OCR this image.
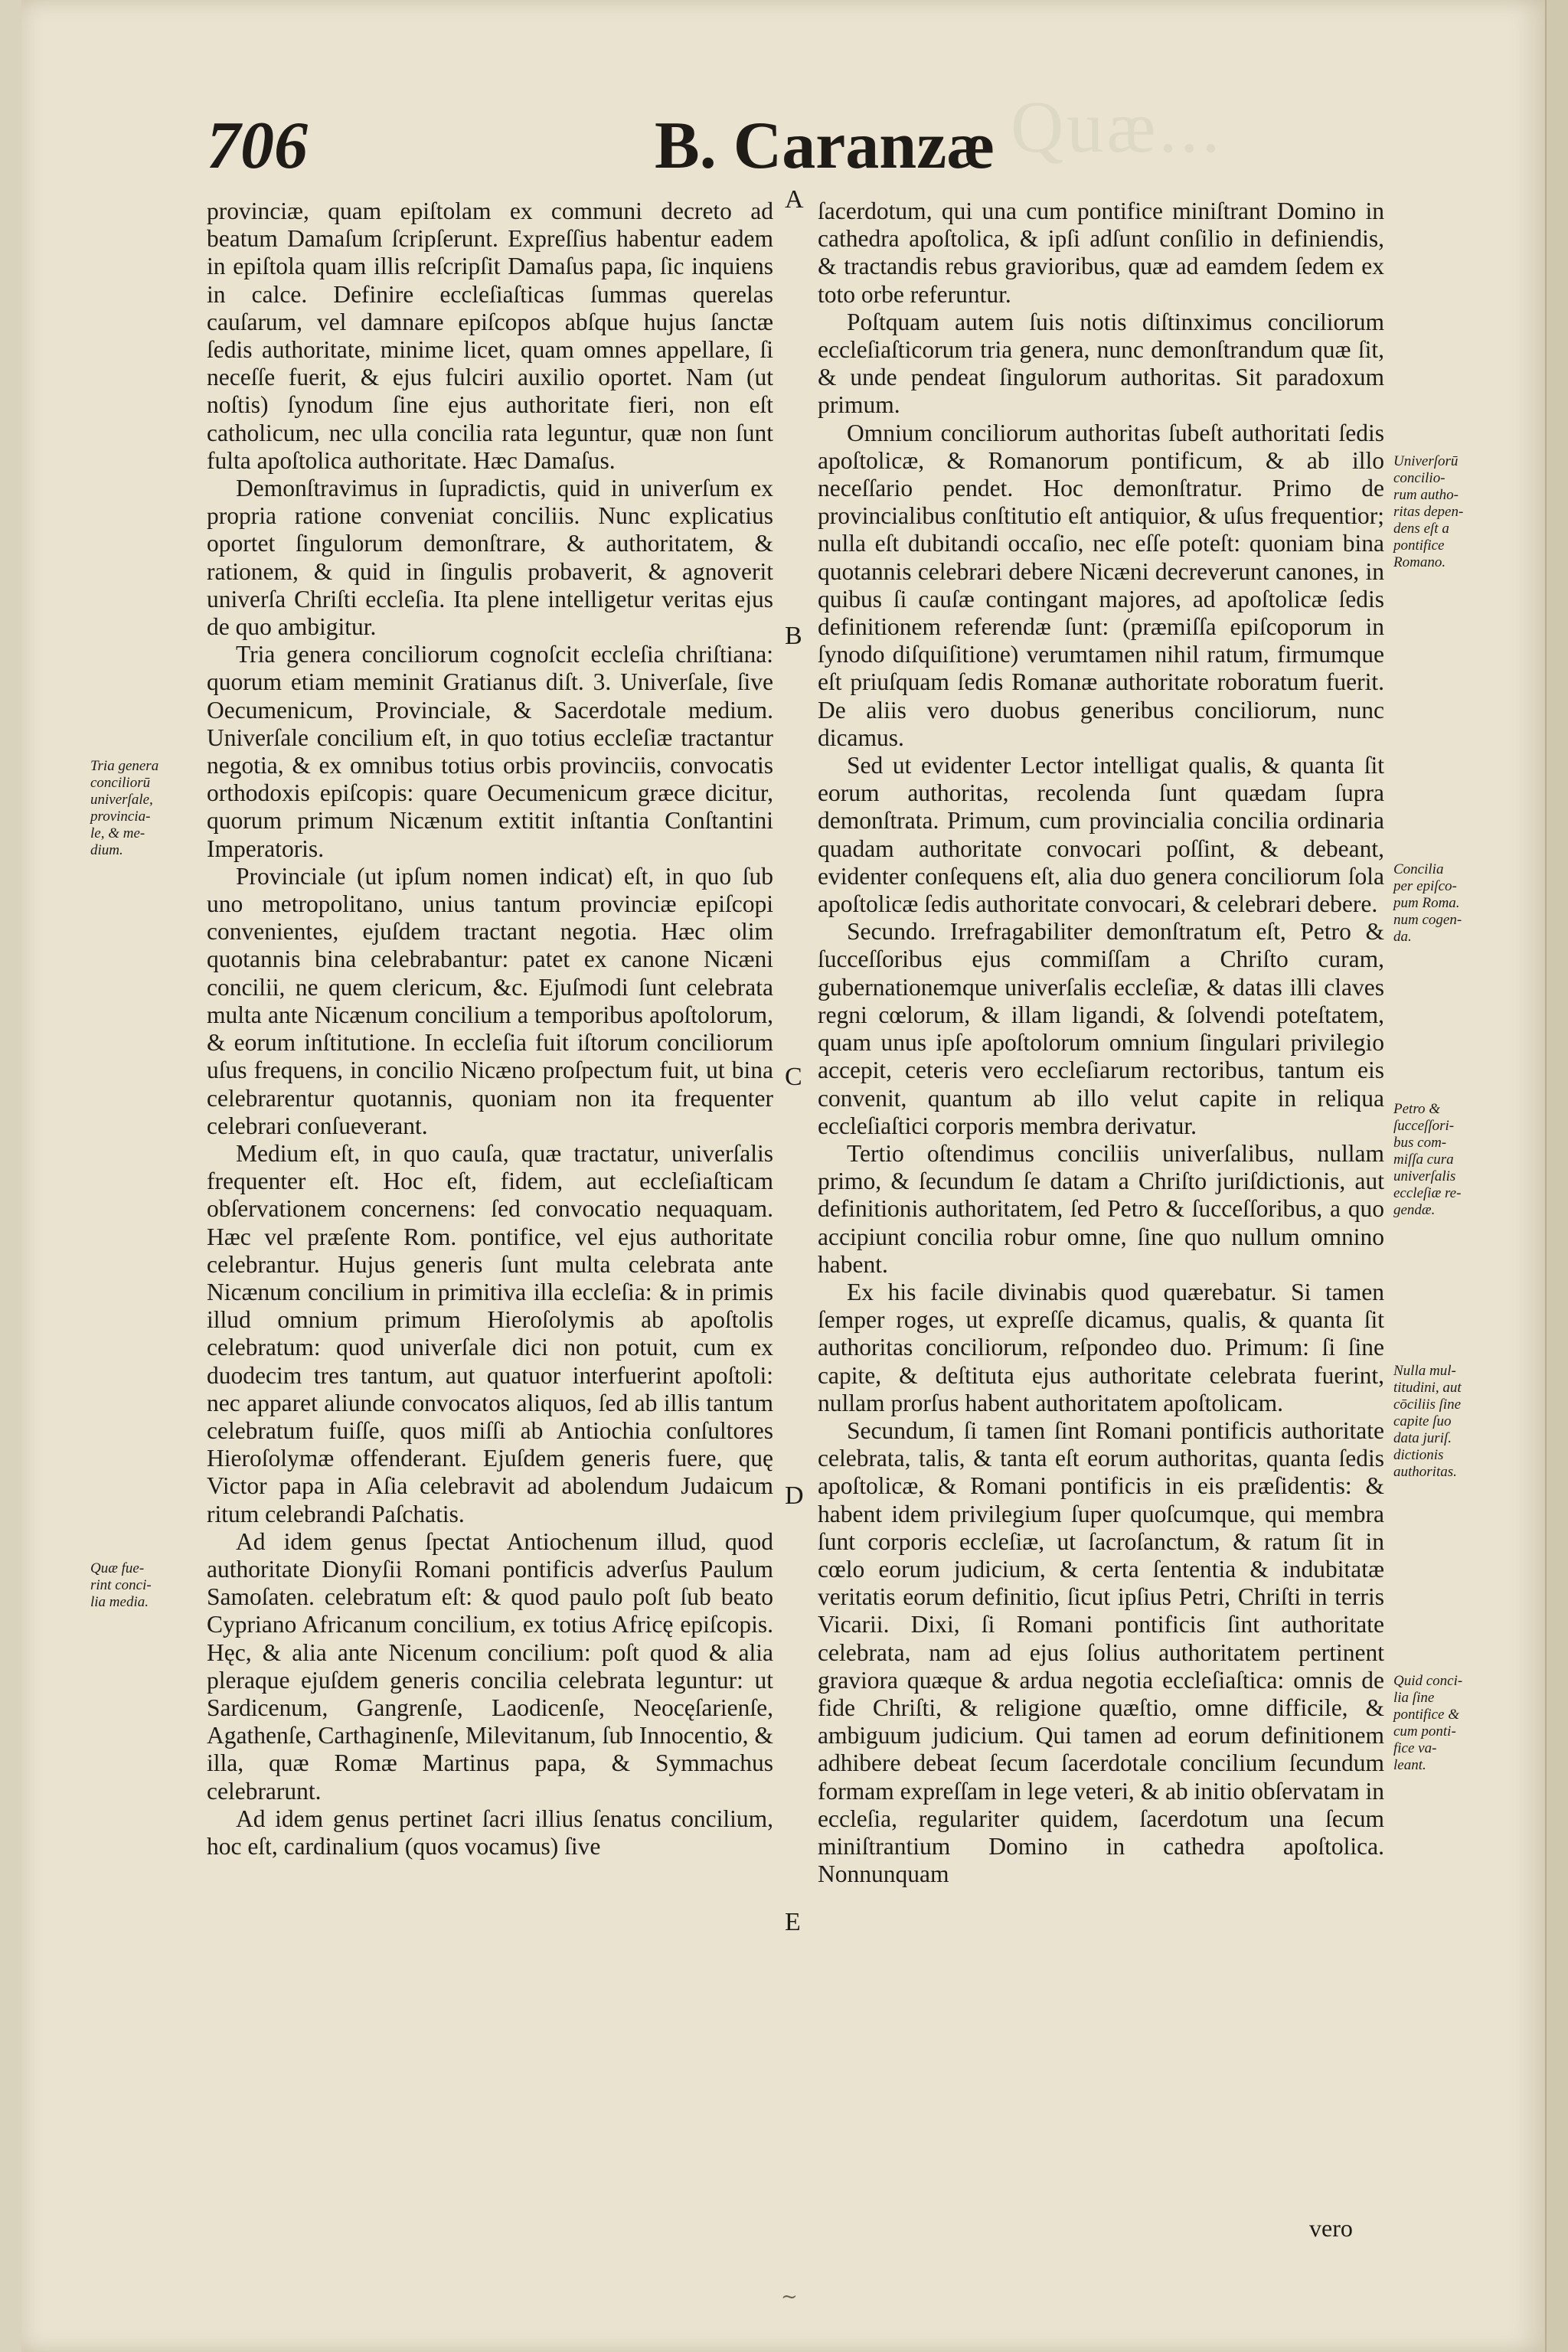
Quæ...
706	B. Caranzæ

provinciæ, quam epiſtolam ex communi decreto ad beatum Damaſum ſcripſerunt. Expreſſius habentur eadem in epiſtola quam illis reſcripſit Damaſus papa, ſic inquiens in calce. Definire eccleſiaſticas ſummas querelas cauſarum, vel damnare epiſcopos abſque hujus ſanctæ ſedis authoritate, minime licet, quam omnes appellare, ſi neceſſe fuerit, & ejus fulciri auxilio oportet. Nam (ut noſtis) ſynodum ſine ejus authoritate fieri, non eſt catholicum, nec ulla concilia rata leguntur, quæ non ſunt fulta apoſtolica authoritate. Hæc Damaſus.

Demonſtravimus in ſupradictis, quid in univerſum ex propria ratione conveniat conciliis. Nunc explicatius oportet ſingulorum demonſtrare, & authoritatem, & rationem, & quid in ſingulis probaverit, & agnoverit univerſa Chriſti eccleſia. Ita plene intelligetur veritas ejus de quo ambigitur.

Tria genera conciliorum cognoſcit eccleſia chriſtiana: quorum etiam meminit Gratianus diſt. 3. Univerſale, ſive Oecumenicum, Provinciale, & Sacerdotale medium. Univerſale concilium eſt, in quo totius eccleſiæ tractantur negotia, & ex omnibus totius orbis provinciis, convocatis orthodoxis epiſcopis: quare Oecumenicum græce dicitur, quorum primum Nicænum extitit inſtantia Conſtantini Imperatoris.

Provinciale (ut ipſum nomen indicat) eſt, in quo ſub uno metropolitano, unius tantum provinciæ epiſcopi convenientes, ejuſdem tractant negotia. Hæc olim quotannis bina celebrabantur: patet ex canone Nicæni concilii, ne quem clericum, &c. Ejuſmodi ſunt celebrata multa ante Nicænum concilium a temporibus apoſtolorum, & eorum inſtitutione. In eccleſia fuit iſtorum conciliorum uſus frequens, in concilio Nicæno proſpectum fuit, ut bina celebrarentur quotannis, quoniam non ita frequenter celebrari conſueverant.

Medium eſt, in quo cauſa, quæ tractatur, univerſalis frequenter eſt. Hoc eſt, fidem, aut eccleſiaſticam obſervationem concernens: ſed convocatio nequaquam. Hæc vel præſente Rom. pontifice, vel ejus authoritate celebrantur. Hujus generis ſunt multa celebrata ante Nicænum concilium in primitiva illa eccleſia: & in primis illud omnium primum Hieroſolymis ab apoſtolis celebratum: quod univerſale dici non potuit, cum ex duodecim tres tantum, aut quatuor interfuerint apoſtoli: nec apparet aliunde convocatos aliquos, ſed ab illis tantum celebratum fuiſſe, quos miſſi ab Antiochia conſultores Hieroſolymæ offenderant. Ejuſdem generis fuere, quę Victor papa in Aſia celebravit ad abolendum Judaicum ritum celebrandi Paſchatis.

Ad idem genus ſpectat Antiochenum illud, quod authoritate Dionyſii Romani pontificis adverſus Paulum Samoſaten. celebratum eſt: & quod paulo poſt ſub beato Cypriano Africanum concilium, ex totius Africę epiſcopis. Hęc, & alia ante Nicenum concilium: poſt quod & alia pleraque ejuſdem generis concilia celebrata leguntur: ut Sardicenum, Gangrenſe, Laodicenſe, Neocęſarienſe, Agathenſe, Carthaginenſe, Milevitanum, ſub Innocentio, & illa, quæ Romæ Martinus papa, & Symmachus celebrarunt.

Ad idem genus pertinet ſacri illius ſenatus concilium, hoc eſt, cardinalium (quos vocamus) ſive

ſacerdotum, qui una cum pontifice miniſtrant Domino in cathedra apoſtolica, & ipſi adſunt conſilio in definiendis, & tractandis rebus gravioribus, quæ ad eamdem ſedem ex toto orbe referuntur.

Poſtquam autem ſuis notis diſtinximus conciliorum eccleſiaſticorum tria genera, nunc demonſtrandum quæ ſit, & unde pendeat ſingulorum authoritas. Sit paradoxum primum.

Omnium conciliorum authoritas ſubeſt authoritati ſedis apoſtolicæ, & Romanorum pontificum, & ab illo neceſſario pendet. Hoc demonſtratur. Primo de provincialibus conſtitutio eſt antiquior, & uſus frequentior; nulla eſt dubitandi occaſio, nec eſſe poteſt: quoniam bina quotannis celebrari debere Nicæni decreverunt canones, in quibus ſi cauſæ contingant majores, ad apoſtolicæ ſedis definitionem referendæ ſunt: (præmiſſa epiſcoporum in ſynodo diſquiſitione) verumtamen nihil ratum, firmumque eſt priuſquam ſedis Romanæ authoritate roboratum fuerit. De aliis vero duobus generibus conciliorum, nunc dicamus.

Sed ut evidenter Lector intelligat qualis, & quanta ſit eorum authoritas, recolenda ſunt quædam ſupra demonſtrata. Primum, cum provincialia concilia ordinaria quadam authoritate convocari poſſint, & debeant, evidenter conſequens eſt, alia duo genera conciliorum ſola apoſtolicæ ſedis authoritate convocari, & celebrari debere.

Secundo. Irrefragabiliter demonſtratum eſt, Petro & ſucceſſoribus ejus commiſſam a Chriſto curam, gubernationemque univerſalis eccleſiæ, & datas illi claves regni cœlorum, & illam ligandi, & ſolvendi poteſtatem, quam unus ipſe apoſtolorum omnium ſingulari privilegio accepit, ceteris vero eccleſiarum rectoribus, tantum eis convenit, quantum ab illo velut capite in reliqua eccleſiaſtici corporis membra derivatur.

Tertio oſtendimus conciliis univerſalibus, nullam primo, & ſecundum ſe datam a Chriſto juriſdictionis, aut definitionis authoritatem, ſed Petro & ſucceſſoribus, a quo accipiunt concilia robur omne, ſine quo nullum omnino habent.

Ex his facile divinabis quod quærebatur. Si tamen ſemper roges, ut expreſſe dicamus, qualis, & quanta ſit authoritas conciliorum, reſpondeo duo. Primum: ſi ſine capite, & deſtituta ejus authoritate celebrata fuerint, nullam prorſus habent authoritatem apoſtolicam.

Secundum, ſi tamen ſint Romani pontificis authoritate celebrata, talis, & tanta eſt eorum authoritas, quanta ſedis apoſtolicæ, & Romani pontificis in eis præſidentis: & habent idem privilegium ſuper quoſcumque, qui membra ſunt corporis eccleſiæ, ut ſacroſanctum, & ratum ſit in cœlo eorum judicium, & certa ſententia & indubitatæ veritatis eorum definitio, ſicut ipſius Petri, Chriſti in terris Vicarii. Dixi, ſi Romani pontificis ſint authoritate celebrata, nam ad ejus ſolius authoritatem pertinent graviora quæque & ardua negotia eccleſiaſtica: omnis de fide Chriſti, & religione quæſtio, omne difficile, & ambiguum judicium. Qui tamen ad eorum definitionem adhibere debeat ſecum ſacerdotale concilium ſecundum formam expreſſam in lege veteri, & ab initio obſervatam in eccleſia, regulariter quidem, ſacerdotum una ſecum miniſtrantium Domino in cathedra apoſtolica. Nonnunquam

A
B
C
D
E
Tria genera
conciliorū
univerſale,
provincia-
le, & me-
dium.
Quæ fue-
rint conci-
lia media.
Univerſorū
concilio-
rum autho-
ritas depen-
dens eſt a
pontifice
Romano.
Concilia
per epiſco-
pum Roma.
num cogen-
da.
Petro &
ſucceſſori-
bus com-
miſſa cura
univerſalis
eccleſiæ re-
gendæ.
Nulla mul-
titudini, aut
cōciliis ſine
capite ſuo
data juriſ.
dictionis
authoritas.
Quid conci-
lia ſine
pontifice &
cum ponti-
fice va-
leant.
vero
~
